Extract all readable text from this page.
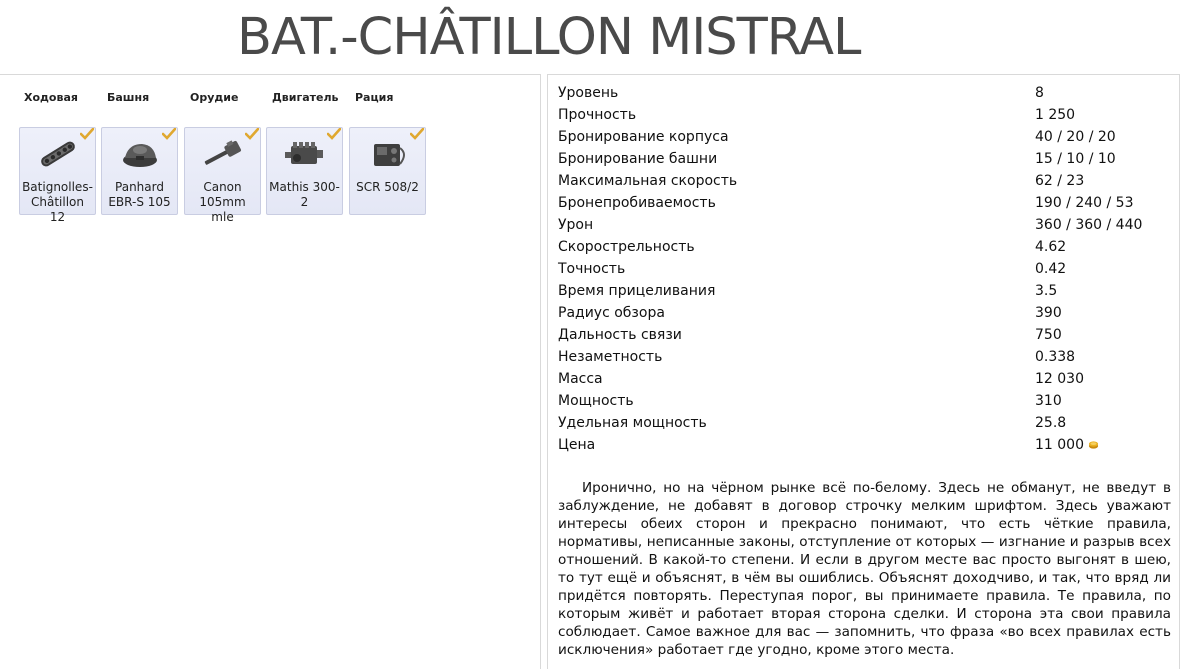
BAT.-CHÂTILLON MISTRAL
Ходовая	Башня	Орудие	Двигатель Рация
Batignolles-Châtillon 12
Panhard EBR-S 105
Canon 105mm mle
Mathis 300-2
SCR 508/2
Уровень	8
Прочность	1 250
Бронирование корпуса	40 / 20 / 20
Бронирование башни	15 / 10 / 10
Максимальная скорость	62 / 23
Бронепробиваемость	190 / 240 / 53
Урон	360 / 360 / 440
Скорострельность	4.62
Точность	0.42
Время прицеливания	3.5
Радиус обзора	390
Дальность связи	750
Незаметность	0.338
Масса	12 030
Мощность	310
Удельная мощность	25.8
Цена	11 000

Иронично, но на чёрном рынке всё по-белому. Здесь не обманут, не введут в заблуждение, не добавят в договор строчку мелким шрифтом. Здесь уважают интересы обеих сторон и прекрасно понимают, что есть чёткие правила, нормативы, неписанные законы, отступление от которых — изгнание и разрыв всех отношений. В какой-то степени. И если в другом месте вас просто выгонят в шею, то тут ещё и объяснят, в чём вы ошиблись. Объяснят доходчиво, и так, что вряд ли придётся повторять. Переступая порог, вы принимаете правила. Те правила, по которым живёт и работает вторая сторона сделки. И сторона эта свои правила соблюдает. Самое важное для вас — запомнить, что фраза «во всех правилах есть исключения» работает где угодно, кроме этого места.
